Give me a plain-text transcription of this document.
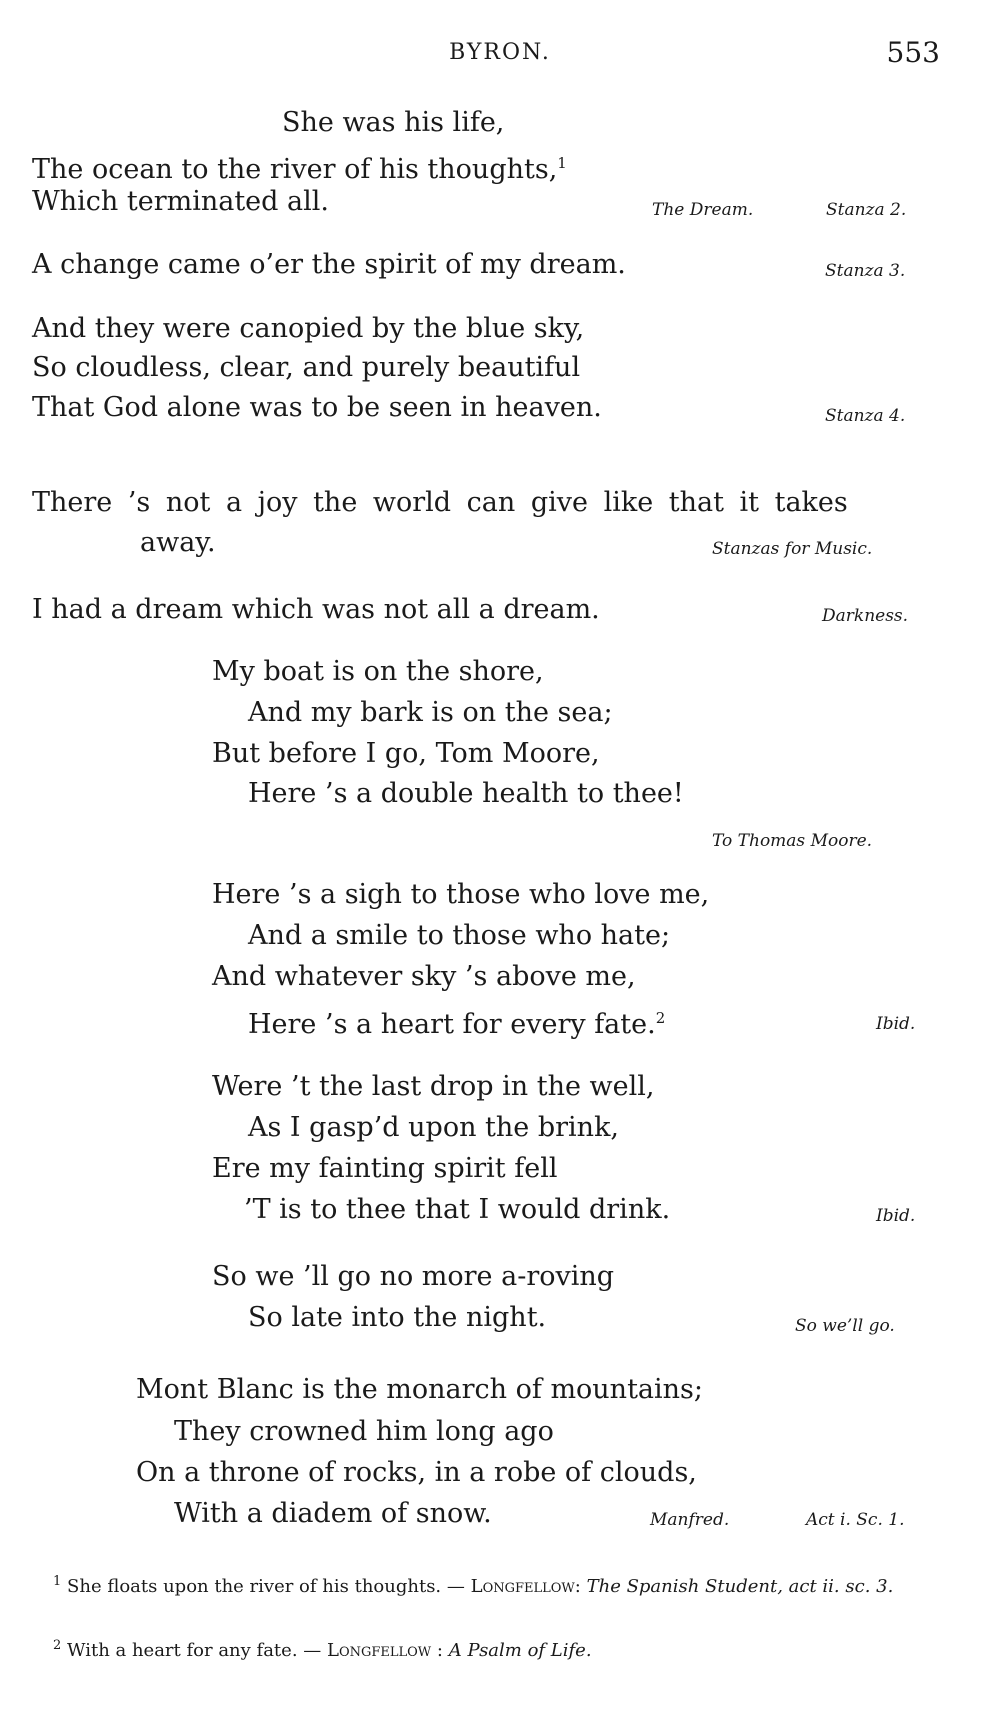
BYRON.	553
She was his life,
The ocean to the river of his thoughts,$^1$
Which terminated all.	The Dream.	Stanza 2.
A change came o’er the spirit of my dream.	Stanza 3.
And they were canopied by the blue sky,
So cloudless, clear, and purely beautiful
That God alone was to be seen in heaven.	Stanza 4.
There ’s not a joy the world can give like that it takes
away.	Stanzas for Music.
I had a dream which was not all a dream.	Darkness.
My boat is on the shore,
And my bark is on the sea;
But before I go, Tom Moore,
Here ’s a double health to thee!
To Thomas Moore.
Here ’s a sigh to those who love me,
And a smile to those who hate;
And whatever sky ’s above me,
Here ’s a heart for every fate.$^2$	Ibid.
Were ’t the last drop in the well,
As I gasp’d upon the brink,
Ere my fainting spirit fell
’T is to thee that I would drink.	Ibid.
So we ’ll go no more a-roving
So late into the night.	So we’ll go.
Mont Blanc is the monarch of mountains;
They crowned him long ago
On a throne of rocks, in a robe of clouds,
With a diadem of snow.	Manfred.	Act i. Sc. 1.
$^1$ She floats upon the river of his thoughts. — Longfellow: The Spanish Student, act ii. sc. 3.
$^2$ With a heart for any fate. — Longfellow : A Psalm of Life.
